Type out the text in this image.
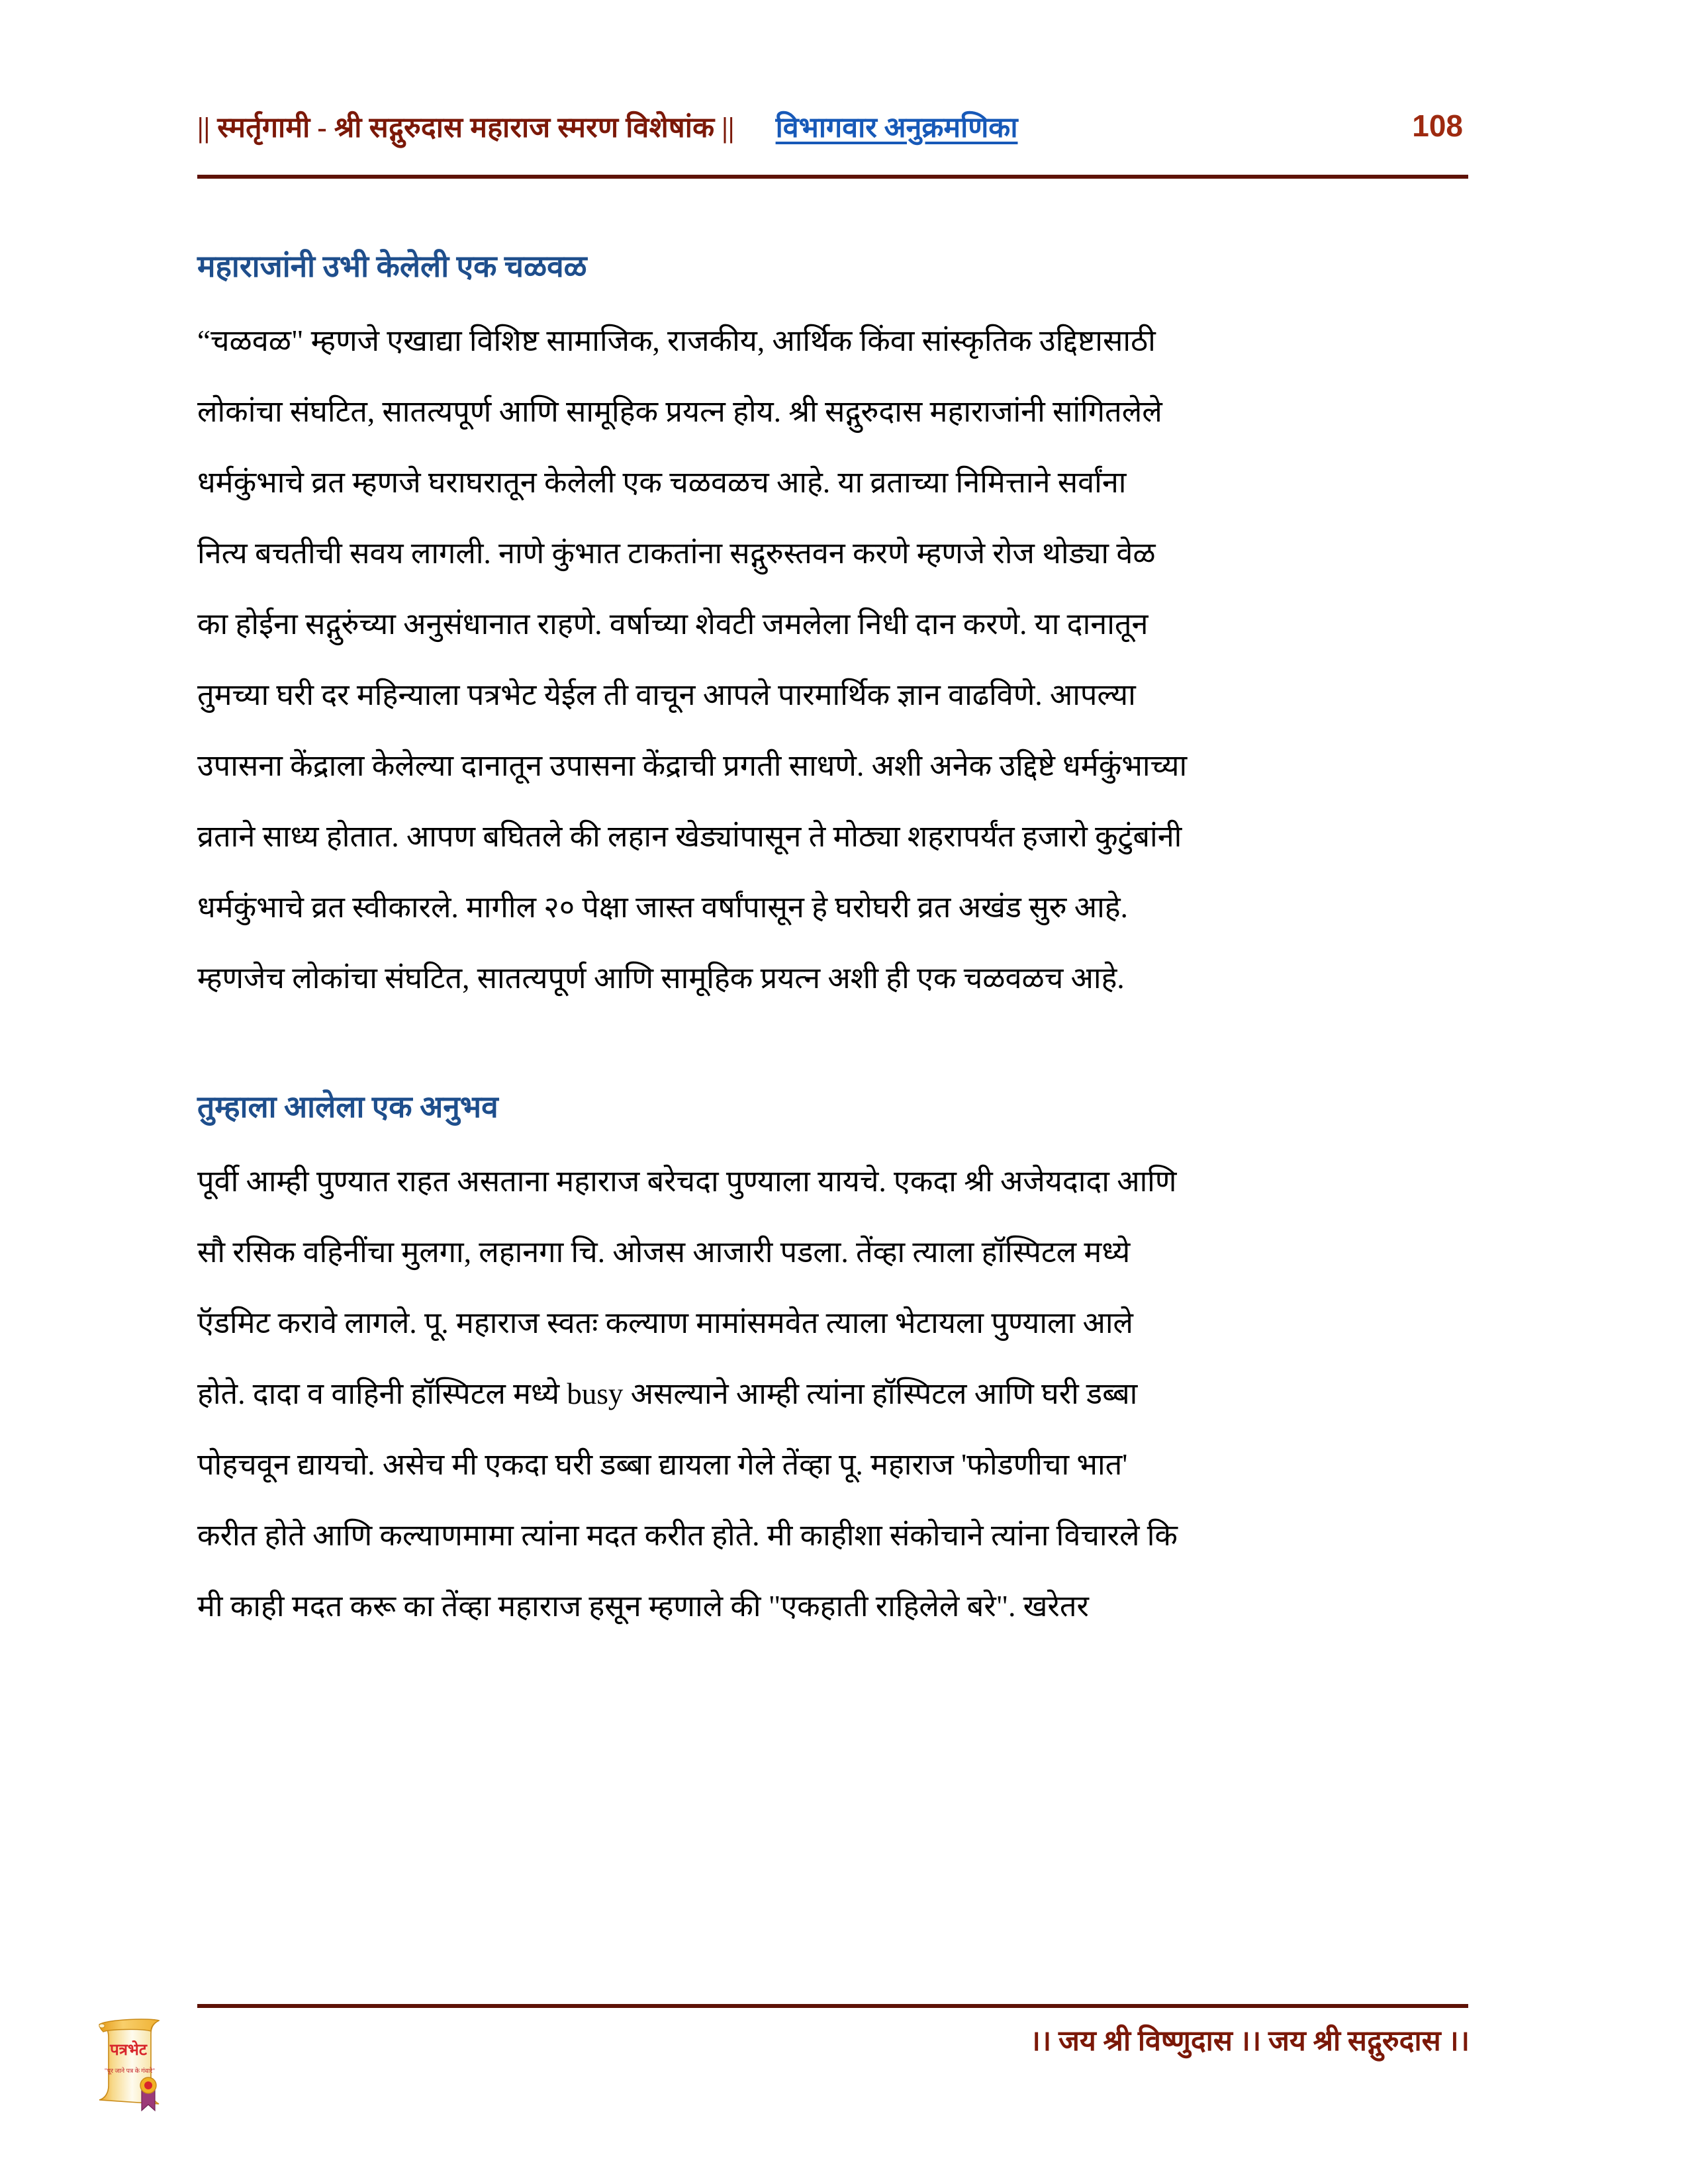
|| स्मर्तृगामी - श्री सद्गुरुदास महाराज स्मरण विशेषांक || विभागवार अनुक्रमणिका	108
महाराजांनी उभी केलेली एक चळवळ

“चळवळ" म्हणजे एखाद्या विशिष्ट सामाजिक, राजकीय, आर्थिक किंवा सांस्कृतिक उद्दिष्टासाठी
लोकांचा संघटित, सातत्यपूर्ण आणि सामूहिक प्रयत्न होय. श्री सद्गुरुदास महाराजांनी सांगितलेले
धर्मकुंभाचे व्रत म्हणजे घराघरातून केलेली एक चळवळच आहे. या व्रताच्या निमित्ताने सर्वांना
नित्य बचतीची सवय लागली. नाणे कुंभात टाकतांना सद्गुरुस्तवन करणे म्हणजे रोज थोड्या वेळ
का होईना सद्गुरुंच्या अनुसंधानात राहणे. वर्षाच्या शेवटी जमलेला निधी दान करणे. या दानातून
तुमच्या घरी दर महिन्याला पत्रभेट येईल ती वाचून आपले पारमार्थिक ज्ञान वाढविणे. आपल्या
उपासना केंद्राला केलेल्या दानातून उपासना केंद्राची प्रगती साधणे. अशी अनेक उद्दिष्टे धर्मकुंभाच्या
व्रताने साध्य होतात. आपण बघितले की लहान खेड्यांपासून ते मोठ्या शहरापर्यंत हजारो कुटुंबांनी
धर्मकुंभाचे व्रत स्वीकारले. मागील २० पेक्षा जास्त वर्षांपासून हे घरोघरी व्रत अखंड सुरु आहे.
म्हणजेच लोकांचा संघटित, सातत्यपूर्ण आणि सामूहिक प्रयत्न अशी ही एक चळवळच आहे.

तुम्हाला आलेला एक अनुभव

पूर्वी आम्ही पुण्यात राहत असताना महाराज बरेचदा पुण्याला यायचे. एकदा श्री अजेयदादा आणि
सौ रसिक वहिनींचा मुलगा, लहानगा चि. ओजस आजारी पडला. तेंव्हा त्याला हॉस्पिटल मध्ये
ऍडमिट करावे लागले. पू. महाराज स्वतः कल्याण मामांसमवेत त्याला भेटायला पुण्याला आले
होते. दादा व वाहिनी हॉस्पिटल मध्ये busy असल्याने आम्ही त्यांना हॉस्पिटल आणि घरी डब्बा
पोहचवून द्यायचो. असेच मी एकदा घरी डब्बा द्यायला गेले तेंव्हा पू. महाराज 'फोडणीचा भात'
करीत होते आणि कल्याणमामा त्यांना मदत करीत होते. मी काहीशा संकोचाने त्यांना विचारले कि
मी काही मदत करू का तेंव्हा महाराज हसून म्हणाले की "एकहाती राहिलेले बरे". खरेतर

।। जय श्री विष्णुदास ।। जय श्री सद्गुरुदास ।।
पत्रभेट
"पूर जाने पत्र के गंवारे"
